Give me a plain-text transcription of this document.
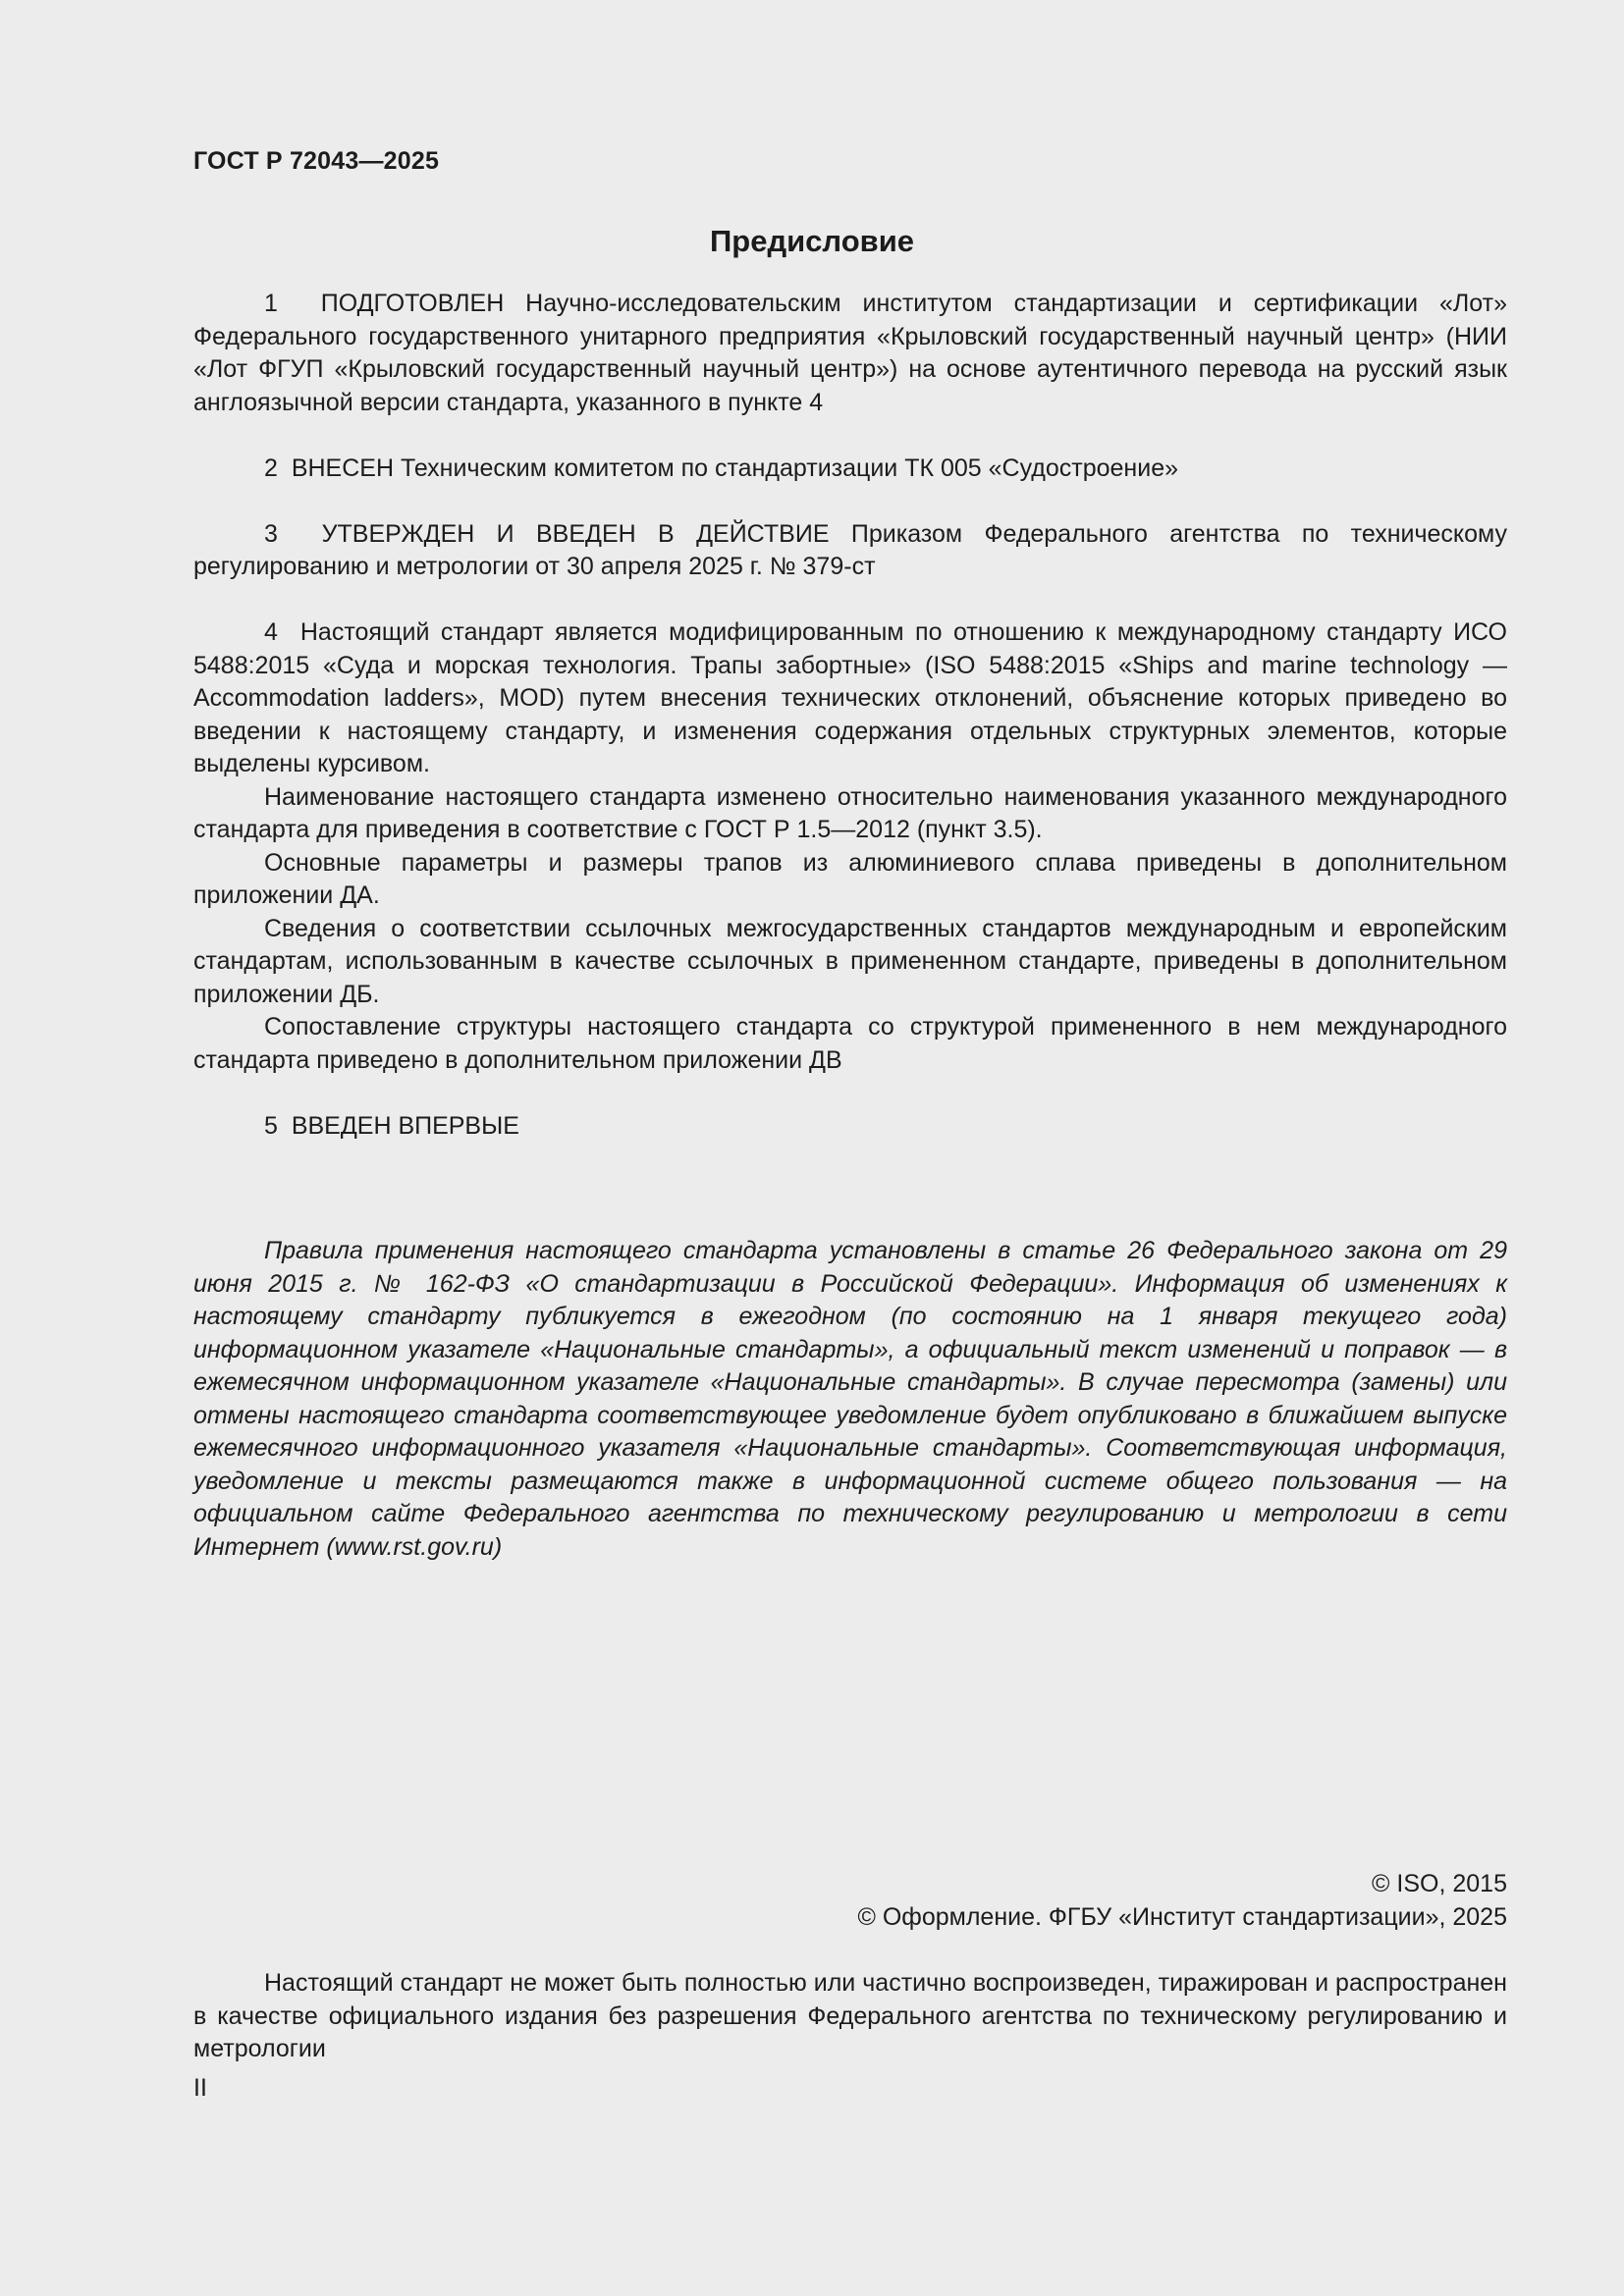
ГОСТ Р 72043—2025
Предисловие

1 ПОДГОТОВЛЕН Научно-исследовательским институтом стандартизации и сертификации «Лот» Федерального государственного унитарного предприятия «Крыловский государственный научный центр» (НИИ «Лот ФГУП «Крыловский государственный научный центр») на основе аутентичного перевода на русский язык англоязычной версии стандарта, указанного в пункте 4

2 ВНЕСЕН Техническим комитетом по стандартизации ТК 005 «Судостроение»

3 УТВЕРЖДЕН И ВВЕДЕН В ДЕЙСТВИЕ Приказом Федерального агентства по техническому регулированию и метрологии от 30 апреля 2025 г. № 379-ст

4 Настоящий стандарт является модифицированным по отношению к международному стандарту ИСО 5488:2015 «Суда и морская технология. Трапы забортные» (ISO 5488:2015 «Ships and marine technology — Accommodation ladders», MOD) путем внесения технических отклонений, объяснение которых приведено во введении к настоящему стандарту, и изменения содержания отдельных структурных элементов, которые выделены курсивом.

Наименование настоящего стандарта изменено относительно наименования указанного международного стандарта для приведения в соответствие с ГОСТ Р 1.5—2012 (пункт 3.5).

Основные параметры и размеры трапов из алюминиевого сплава приведены в дополнительном приложении ДА.

Сведения о соответствии ссылочных межгосударственных стандартов международным и европейским стандартам, использованным в качестве ссылочных в примененном стандарте, приведены в дополнительном приложении ДБ.

Сопоставление структуры настоящего стандарта со структурой примененного в нем международного стандарта приведено в дополнительном приложении ДВ

5 ВВЕДЕН ВПЕРВЫЕ

Правила применения настоящего стандарта установлены в статье 26 Федерального закона от 29 июня 2015 г. № 162-ФЗ «О стандартизации в Российской Федерации». Информация об изменениях к настоящему стандарту публикуется в ежегодном (по состоянию на 1 января текущего года) информационном указателе «Национальные стандарты», а официальный текст изменений и поправок — в ежемесячном информационном указателе «Национальные стандарты». В случае пересмотра (замены) или отмены настоящего стандарта соответствующее уведомление будет опубликовано в ближайшем выпуске ежемесячного информационного указателя «Национальные стандарты». Соответствующая информация, уведомление и тексты размещаются также в информационной системе общего пользования — на официальном сайте Федерального агентства по техническому регулированию и метрологии в сети Интернет (www.rst.gov.ru)

© ISO, 2015
© Оформление. ФГБУ «Институт стандартизации», 2025

Настоящий стандарт не может быть полностью или частично воспроизведен, тиражирован и распространен в качестве официального издания без разрешения Федерального агентства по техническому регулированию и метрологии

II
